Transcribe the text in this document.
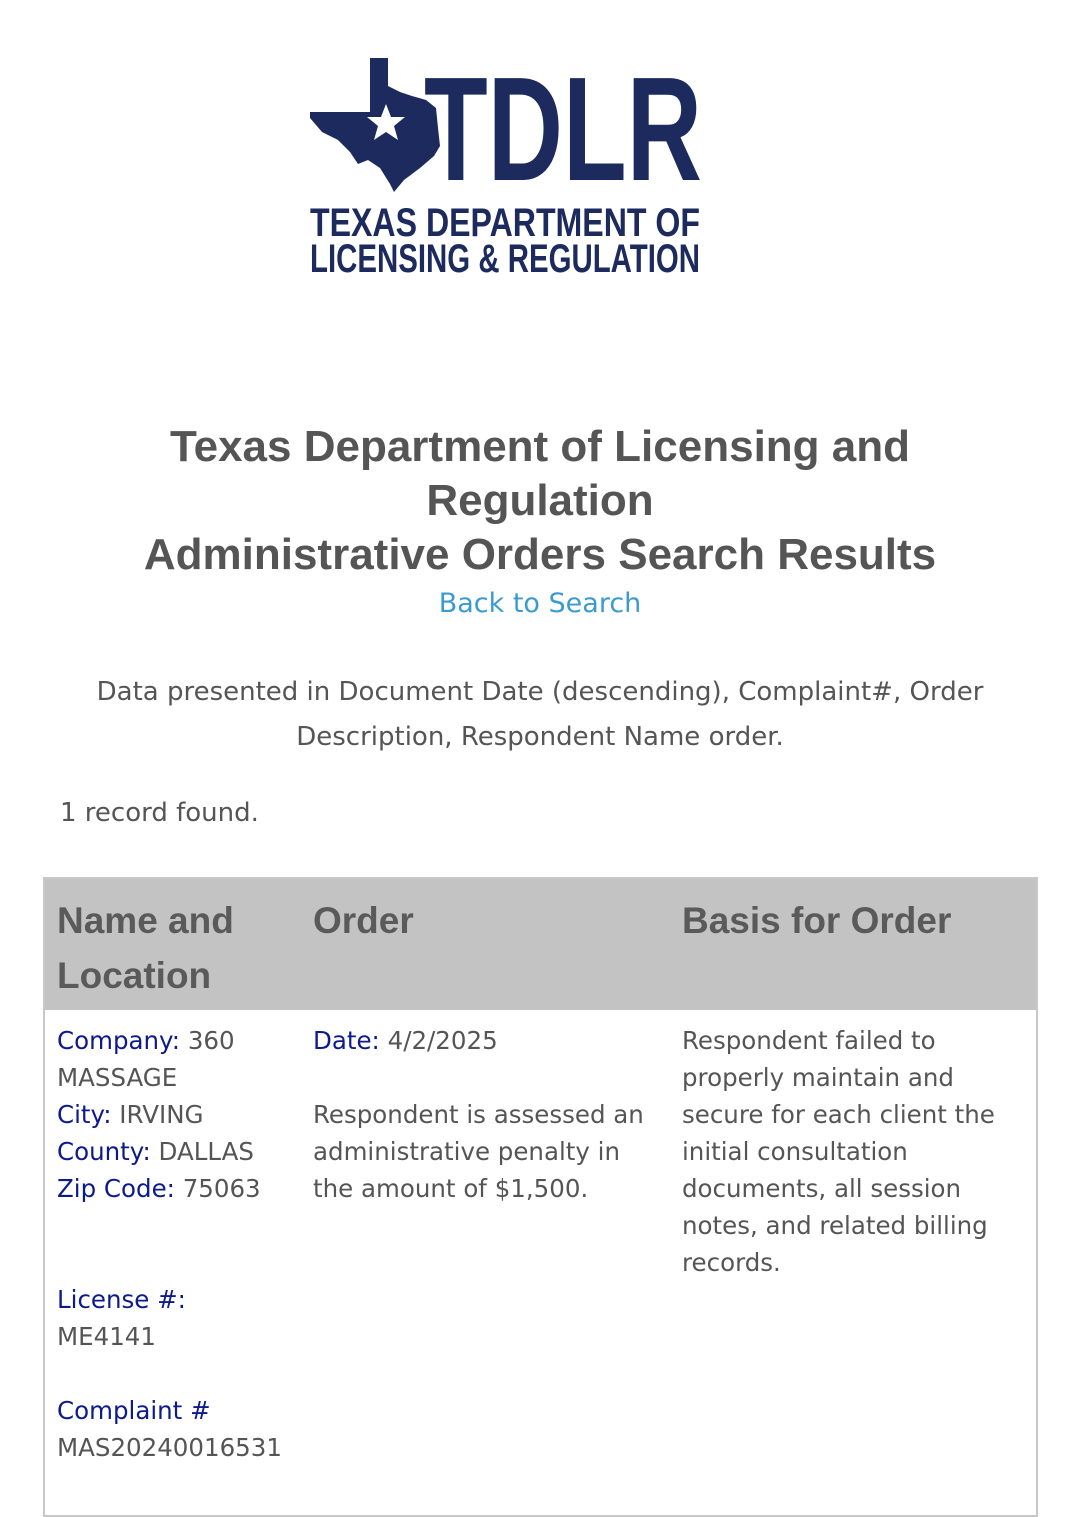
TDLR
TEXAS DEPARTMENT OF
LICENSING & REGULATION
Texas Department of Licensing and
Regulation
Administrative Orders Search Results
Back to Search
Data presented in Document Date (descending), Complaint#, Order Description, Respondent Name order.
1 record found.
Name and Location
Order	Basis for Order
Company: 360 MASSAGE
City: IRVING
County: DALLAS
Zip Code: 75063
License #:
ME4141
Complaint #
MAS20240016531
Date: 4/2/2025
Respondent is assessed an administrative penalty in the amount of $1,500.
Respondent failed to properly maintain and secure for each client the initial consultation documents, all session notes, and related billing records.
